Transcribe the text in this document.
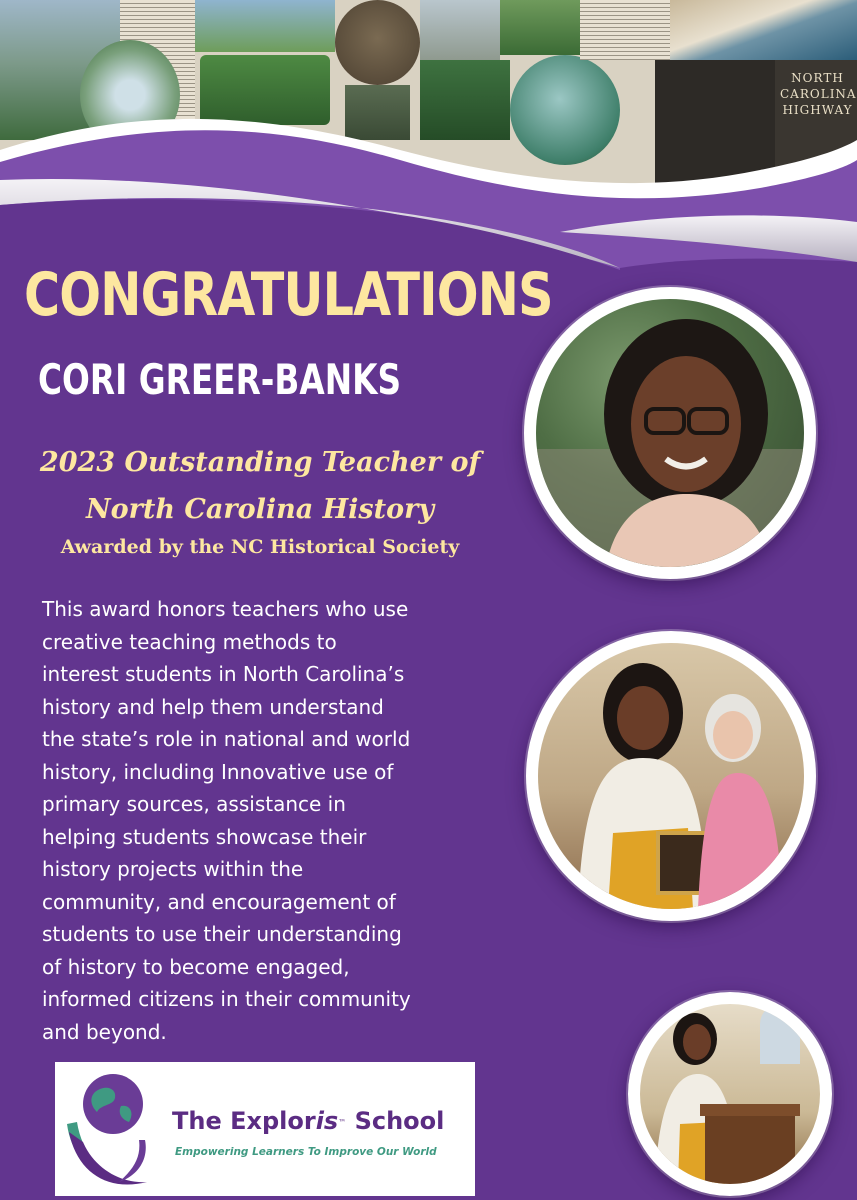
NORTH CAROLINA HIGHWAY
CONGRATULATIONS
CORI GREER-BANKS

2023 Outstanding Teacher of

North Carolina History

Awarded by the NC Historical Society

This award honors teachers who use
creative teaching methods to
interest students in North Carolina’s
history and help them understand
the state’s role in national and world
history, including Innovative use of
primary sources, assistance in
helping students showcase their
history projects within the
community, and encouragement of
students to use their understanding
of history to become engaged,
informed citizens in their community
and beyond.

The Exploris™ School

Empowering Learners To Improve Our World
